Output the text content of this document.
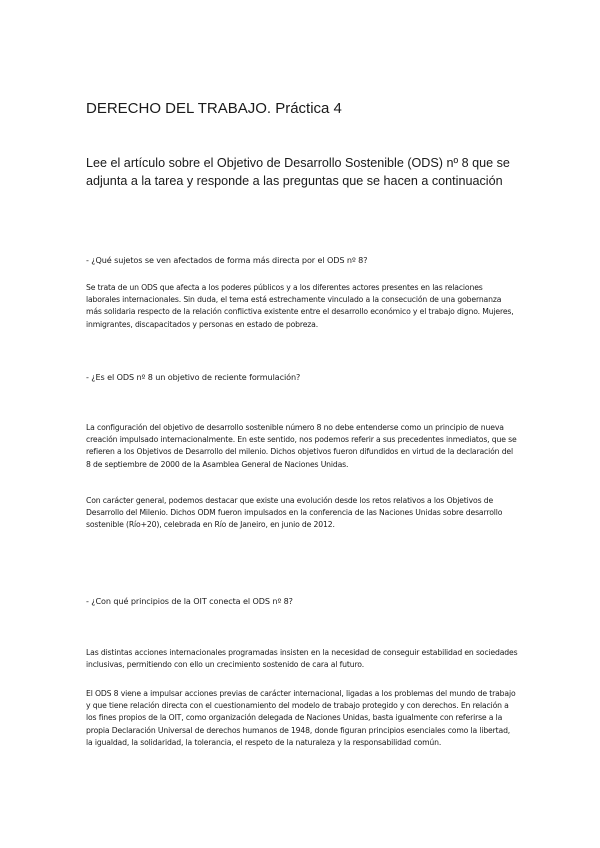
DERECHO DEL TRABAJO. Práctica 4

Lee el artículo sobre el Objetivo de Desarrollo Sostenible (ODS) nº 8 que se adjunta a la tarea y responde a las preguntas que se hacen a continuación

- ¿Qué sujetos se ven afectados de forma más directa por el ODS nº 8?

Se trata de un ODS que afecta a los poderes públicos y a los diferentes actores presentes en las relaciones laborales internacionales. Sin duda, el tema está estrechamente vinculado a la consecución de una gobernanza más solidaria respecto de la relación conflictiva existente entre el desarrollo económico y el trabajo digno. Mujeres, inmigrantes, discapacitados y personas en estado de pobreza.

- ¿Es el ODS nº 8 un objetivo de reciente formulación?

La configuración del objetivo de desarrollo sostenible número 8 no debe entenderse como un principio de nueva creación impulsado internacionalmente. En este sentido, nos podemos referir a sus precedentes inmediatos, que se refieren a los Objetivos de Desarrollo del milenio. Dichos objetivos fueron difundidos en virtud de la declaración del 8 de septiembre de 2000 de la Asamblea General de Naciones Unidas.

Con carácter general, podemos destacar que existe una evolución desde los retos relativos a los Objetivos de Desarrollo del Milenio. Dichos ODM fueron impulsados en la conferencia de las Naciones Unidas sobre desarrollo sostenible (Río+20), celebrada en Río de Janeiro, en junio de 2012.

- ¿Con qué principios de la OIT conecta el ODS nº 8?

Las distintas acciones internacionales programadas insisten en la necesidad de conseguir estabilidad en sociedades inclusivas, permitiendo con ello un crecimiento sostenido de cara al futuro.

El ODS 8 viene a impulsar acciones previas de carácter internacional, ligadas a los problemas del mundo de trabajo y que tiene relación directa con el cuestionamiento del modelo de trabajo protegido y con derechos. En relación a los fines propios de la OIT, como organización delegada de Naciones Unidas, basta igualmente con referirse a la propia Declaración Universal de derechos humanos de 1948, donde figuran principios esenciales como la libertad, la igualdad, la solidaridad, la tolerancia, el respeto de la naturaleza y la responsabilidad común.
